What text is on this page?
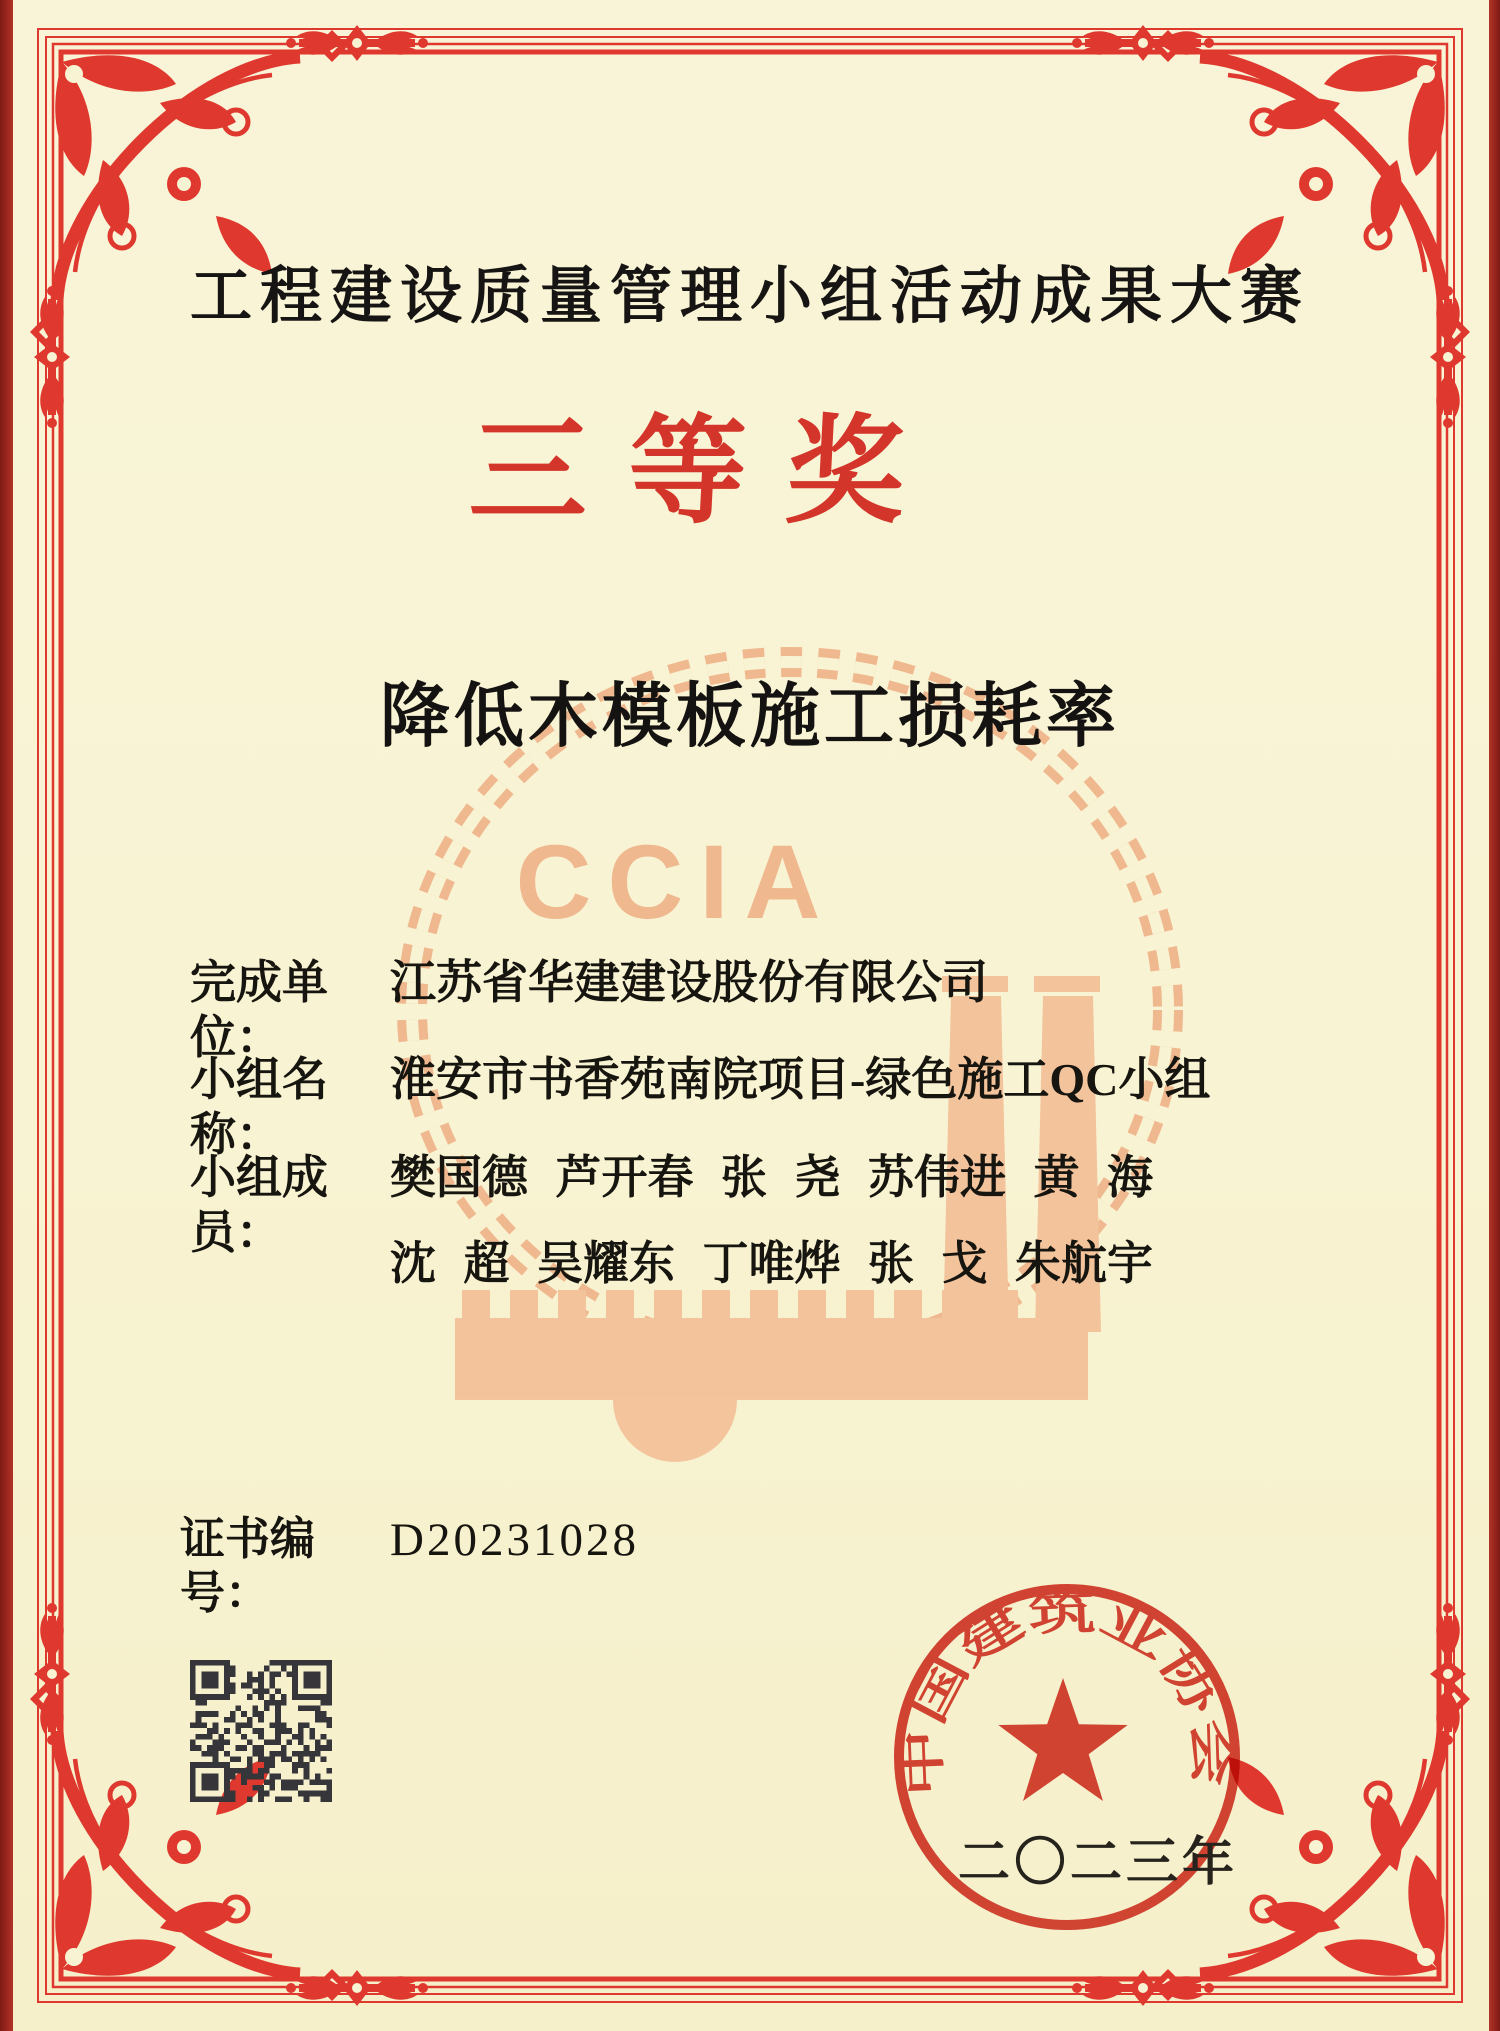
CCIA
工程建设质量管理小组活动成果大赛
三等奖
降低木模板施工损耗率
完成单位：
江苏省华建建设股份有限公司
小组名称：
淮安市书香苑南院项目-绿色施工QC小组
小组成员：
樊国德 芦开春 张 尧 苏伟进 黄 海
沈 超 吴耀东 丁唯烨 张 戈 朱航宇
证书编号：
D20231028
中国建筑业协会
二〇二三年
